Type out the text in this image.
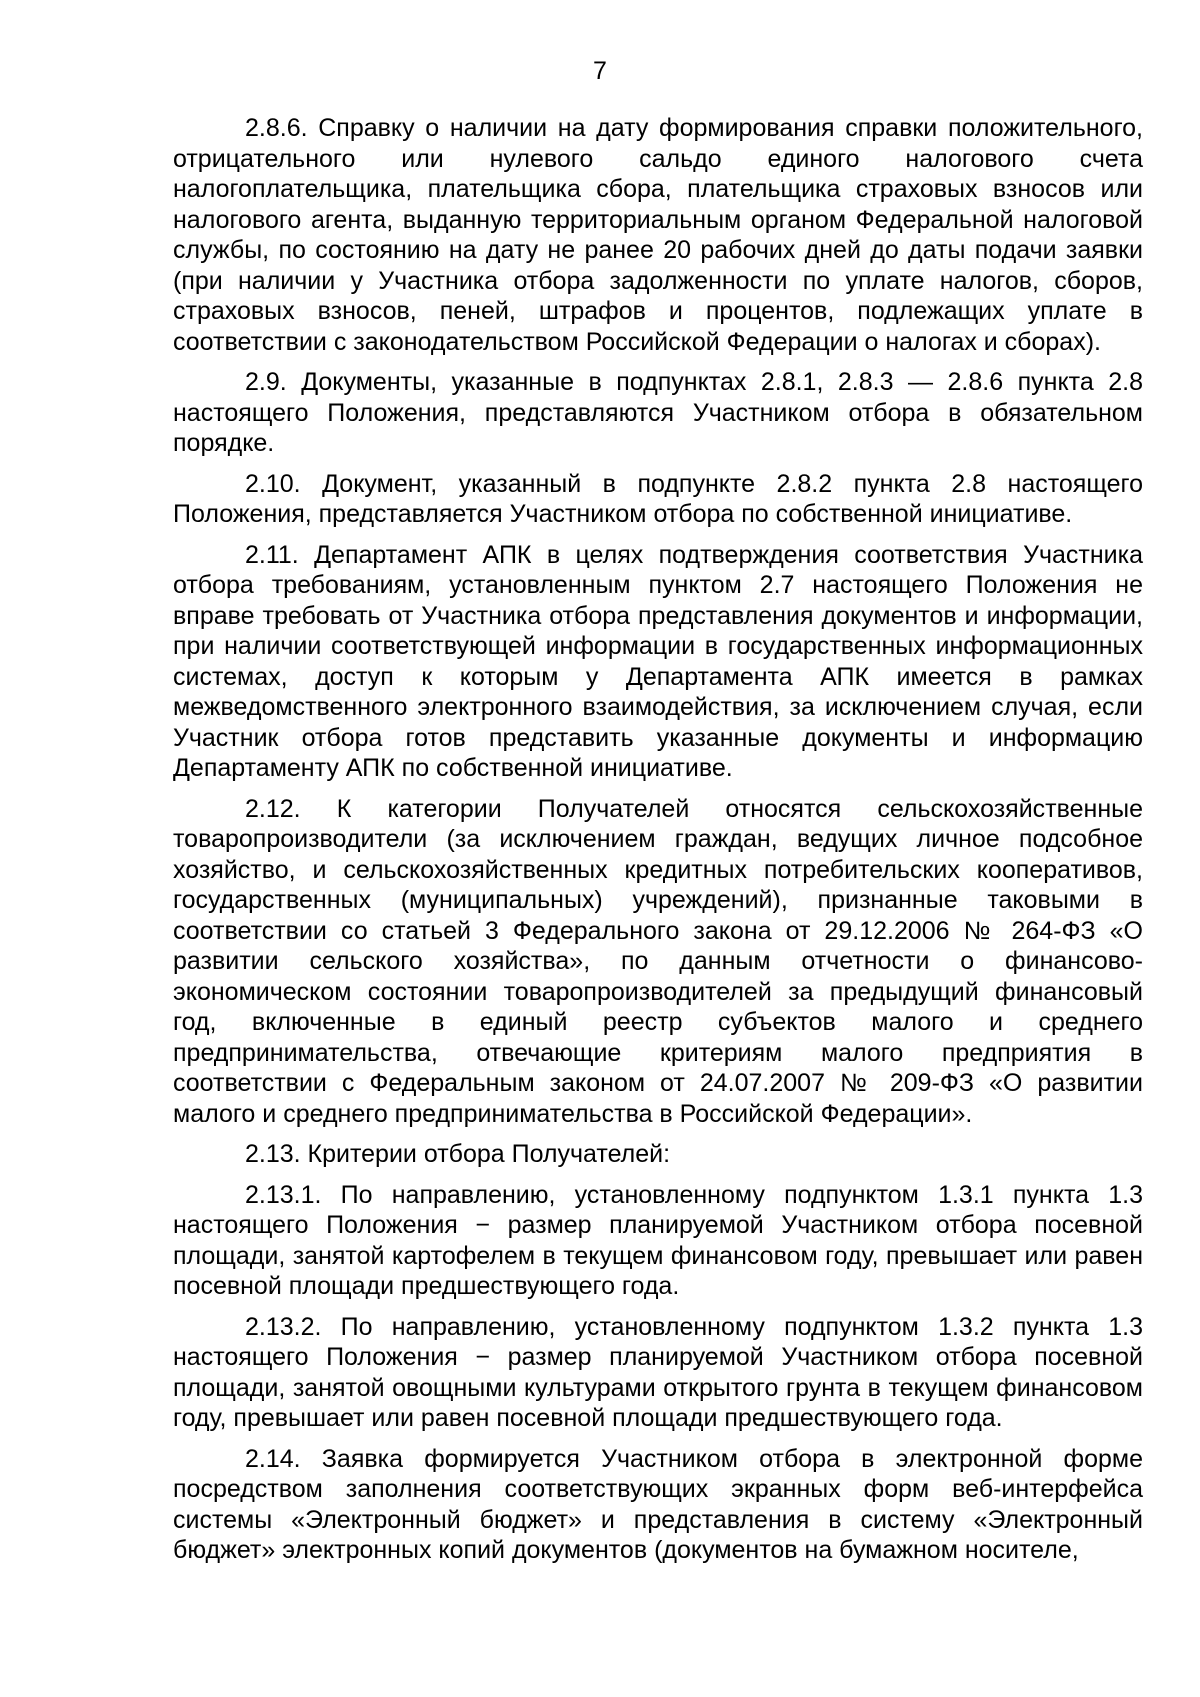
7

2.8.6. Справку о наличии на дату формирования справки положительного, отрицательного или нулевого сальдо единого налогового счета налогоплательщика, плательщика сбора, плательщика страховых взносов или налогового агента, выданную территориальным органом Федеральной налоговой службы, по состоянию на дату не ранее 20 рабочих дней до даты подачи заявки (при наличии у Участника отбора задолженности по уплате налогов, сборов, страховых взносов, пеней, штрафов и процентов, подлежащих уплате в соответствии с законодательством Российской Федерации о налогах и сборах).

2.9. Документы, указанные в подпунктах 2.8.1, 2.8.3 — 2.8.6 пункта 2.8 настоящего Положения, представляются Участником отбора в обязательном порядке.

2.10. Документ, указанный в подпункте 2.8.2 пункта 2.8 настоящего Положения, представляется Участником отбора по собственной инициативе.

2.11. Департамент АПК в целях подтверждения соответствия Участника отбора требованиям, установленным пунктом 2.7 настоящего Положения не вправе требовать от Участника отбора представления документов и информации, при наличии соответствующей информации в государственных информационных системах, доступ к которым у Департамента АПК имеется в рамках межведомственного электронного взаимодействия, за исключением случая, если Участник отбора готов представить указанные документы и информацию Департаменту АПК по собственной инициативе.

2.12. К категории Получателей относятся сельскохозяйственные товаропроизводители (за исключением граждан, ведущих личное подсобное хозяйство, и сельскохозяйственных кредитных потребительских кооперативов, государственных (муниципальных) учреждений), признанные таковыми в соответствии со статьей 3 Федерального закона от 29.12.2006 № 264-ФЗ «О развитии сельского хозяйства», по данным отчетности о финансово-экономическом состоянии товаропроизводителей за предыдущий финансовый год, включенные в единый реестр субъектов малого и среднего предпринимательства, отвечающие критериям малого предприятия в соответствии с Федеральным законом от 24.07.2007 № 209-ФЗ «О развитии малого и среднего предпринимательства в Российской Федерации».

2.13. Критерии отбора Получателей:

2.13.1. По направлению, установленному подпунктом 1.3.1 пункта 1.3 настоящего Положения − размер планируемой Участником отбора посевной площади, занятой картофелем в текущем финансовом году, превышает или равен посевной площади предшествующего года.

2.13.2. По направлению, установленному подпунктом 1.3.2 пункта 1.3 настоящего Положения − размер планируемой Участником отбора посевной площади, занятой овощными культурами открытого грунта в текущем финансовом году, превышает или равен посевной площади предшествующего года.

2.14. Заявка формируется Участником отбора в электронной форме посредством заполнения соответствующих экранных форм веб-интерфейса системы «Электронный бюджет» и представления в систему «Электронный бюджет» электронных копий документов (документов на бумажном носителе,
